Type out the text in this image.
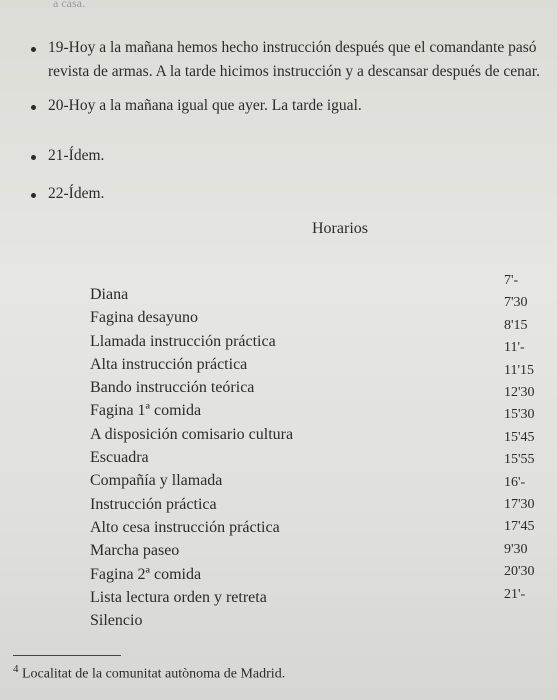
a casa.
19-Hoy a la mañana hemos hecho instrucción después que el comandante pasó
revista de armas. A la tarde hicimos instrucción y a descansar después de cenar.
20-Hoy a la mañana igual que ayer. La tarde igual.
21-Ídem.
22-Ídem.
Horarios
Diana
Fagina desayuno
Llamada instrucción práctica
Alta instrucción práctica
Bando instrucción teórica
Fagina 1ª comida
A disposición comisario cultura
Escuadra
Compañía y llamada
Instrucción práctica
Alto cesa instrucción práctica
Marcha paseo
Fagina 2ª comida
Lista lectura orden y retreta
Silencio
7'-
7'30
8'15
11'-
11'15
12'30
15'30
15'45
15'55
16'-
17'30
17'45
9'30
20'30
21'-
$^4$ Localitat de la comunitat autònoma de Madrid.
